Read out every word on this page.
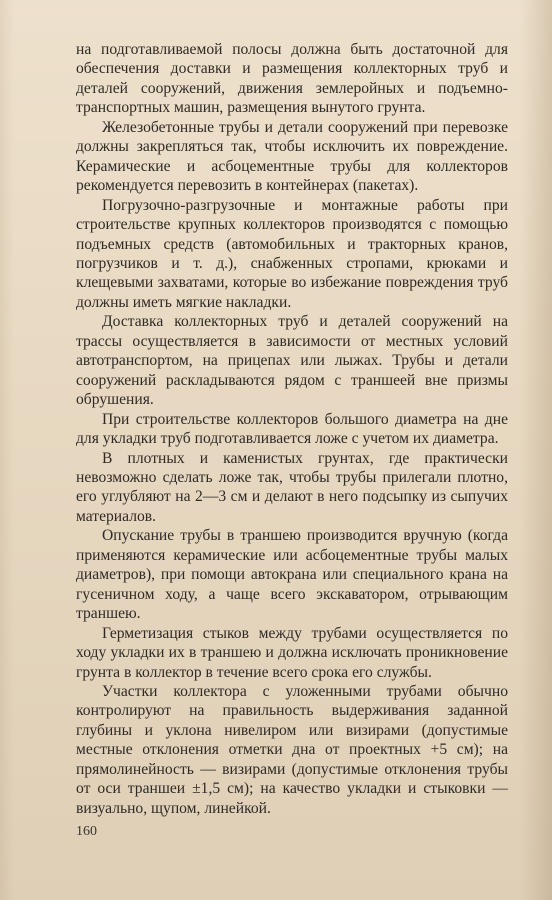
на подготавливаемой полосы должна быть достаточной для обеспечения доставки и размещения коллекторных труб и деталей сооружений, движения землеройных и подъемно-транспортных машин, размещения вынутого грунта.

Железобетонные трубы и детали сооружений при перевозке должны закрепляться так, чтобы исключить их повреждение. Керамические и асбоцементные трубы для коллекторов рекомендуется перевозить в контейнерах (пакетах).

Погрузочно-разгрузочные и монтажные работы при строительстве крупных коллекторов производятся с помощью подъемных средств (автомобильных и тракторных кранов, погрузчиков и т. д.), снабженных стропами, крюками и клещевыми захватами, которые во избежание повреждения труб должны иметь мягкие накладки.

Доставка коллекторных труб и деталей сооружений на трассы осуществляется в зависимости от местных условий автотранспортом, на прицепах или лыжах. Трубы и детали сооружений раскладываются рядом с траншеей вне призмы обрушения.

При строительстве коллекторов большого диаметра на дне для укладки труб подготавливается ложе с учетом их диаметра.

В плотных и каменистых грунтах, где практически невозможно сделать ложе так, чтобы трубы прилегали плотно, его углубляют на 2—3 см и делают в него подсыпку из сыпучих материалов.

Опускание трубы в траншею производится вручную (когда применяются керамические или асбоцементные трубы малых диаметров), при помощи автокрана или специального крана на гусеничном ходу, а чаще всего экскаватором, отрывающим траншею.

Герметизация стыков между трубами осуществляется по ходу укладки их в траншею и должна исключать проникновение грунта в коллектор в течение всего срока его службы.

Участки коллектора с уложенными трубами обычно контролируют на правильность выдерживания заданной глубины и уклона нивелиром или визирами (допустимые местные отклонения отметки дна от проектных +5 см); на прямолинейность — визирами (допустимые отклонения трубы от оси траншеи ±1,5 см); на качество укладки и стыковки — визуально, щупом, линейкой.

160
